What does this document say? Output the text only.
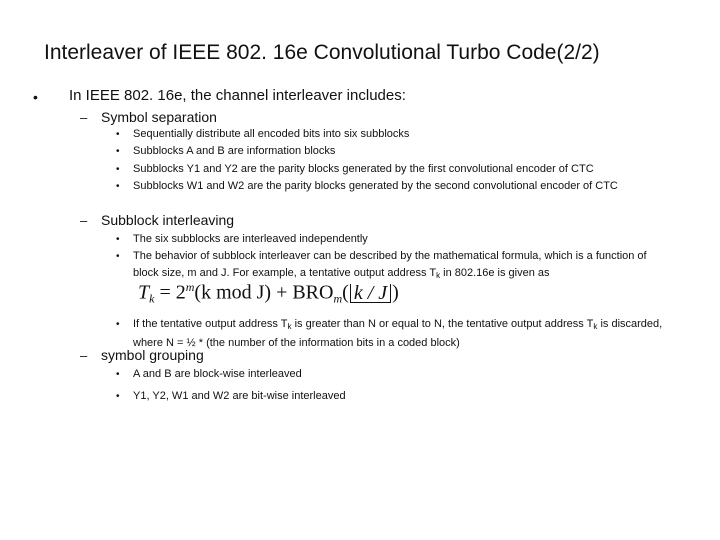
Interleaver of IEEE 802. 16e Convolutional Turbo Code(2/2)
• In IEEE 802. 16e, the channel interleaver includes:
– Symbol separation
• Sequentially distribute all encoded bits into six subblocks
• Subblocks A and B are information blocks
• Subblocks Y1 and Y2 are the parity blocks generated by the first convolutional encoder of CTC
• Subblocks W1 and W2 are the parity blocks generated by the second convolutional encoder of CTC
– Subblock interleaving
• The six subblocks are interleaved independently
• The behavior of subblock interleaver can be described by the mathematical formula, which is a function of block size, m and J. For example, a tentative output address $T_k$ in 802.16e is given as
$T_k = 2^m(k$ mod $J) + BRO_m$( k / J )
• If the tentative output address $T_k$ is greater than N or equal to N, the tentative output address $T_k$ is discarded, where N = ½ * (the number of the information bits in a coded block)
– symbol grouping
• A and B are block-wise interleaved
• Y1, Y2, W1 and W2 are bit-wise interleaved
